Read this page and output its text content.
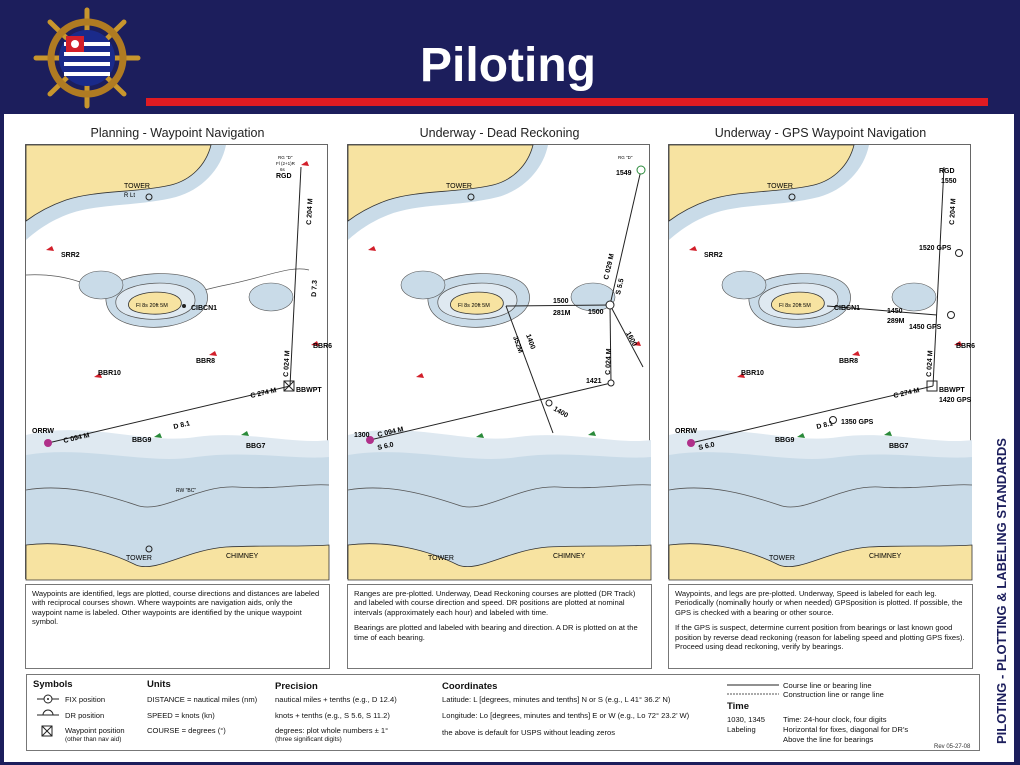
Piloting
Planning - Waypoint Navigation	Underway - Dead Reckoning	Underway - GPS Waypoint Navigation
TOWER
R Lt
Fl 8s 20ft 5M	CIBCN1
RG "D"
Fl (2+1)R
6s
RGD
SRR2
BBR6
BBR8
BBR10
BBWPT
ORRW
BBG9
BBG7
RW "BC"
TOWER	CHIMNEY
C 204 M
D 7.3
C 024 M
C 274 M
C 094 M
D 8.1
TOWER
Fl 8s 20ft 5M
RG "D"
1549
1500
281M 1500
1400
352M
1421
1400
1300
S 6.0
C 094 M
C 029 M
S 5.5
C 024 M
1600
CHIMNEY
TOWER
TOWER
Fl 8s 20ft 5M	CIBCN1
RGD
1550
1520 GPS
SRR2
1450
289M
1450 GPS
BBR6
BBR8
BBR10
BBWPT
1420 GPS
1350 GPS
ORRW
BBG9
BBG7
C 204 M
C 024 M
C 274 M
S 6.0
D 8.1
TOWER	CHIMNEY

Waypoints are identified, legs are plotted, course directions and distances are labeled with reciprocal courses shown. Where waypoints are navigation aids, only the waypoint name is labeled. Other waypoints are identified by the unique waypoint symbol.

Ranges are pre-plotted. Underway, Dead Reckoning courses are plotted (DR Track) and labeled with course direction and speed. DR positions are plotted at nominal intervals (approximately each hour) and labeled with time.

Bearings are plotted and labeled with bearing and direction. A DR is plotted on at the time of each bearing.

Waypoints, and legs are pre-plotted. Underway, Speed is labeled for each leg. Periodically (nominally hourly or when needed) GPSposition is plotted. If possible, the GPS is checked with a bearing or other source.

If the GPS is suspect, determine current position from bearings or last known good position by reverse dead reckoning (reason for labeling speed and plotting GPS fixes). Proceed using dead reckoning, verify by bearings.

Symbols
FIX position
DR position
Waypoint position
(other than nav aid)
Units
DISTANCE = nautical miles (nm)
SPEED = knots (kn)
COURSE = degrees (°)
Precision
nautical miles + tenths (e.g., D 12.4)
knots + tenths (e.g., S 5.6, S 11.2)
degrees: plot whole numbers ± 1°
(three significant digits)
Coordinates
Latitude: L [degrees, minutes and tenths] N or S (e.g., L 41° 36.2’ N)
Longitude: Lo [degrees, minutes and tenths] E or W (e.g., Lo 72° 23.2’ W)
the above is default for USPS without leading zeros
Course line or bearing line
Construction line or range line
Time
1030, 1345 Time: 24-hour clock, four digits
Labeling	Horizontal for fixes, diagonal for DR’s
Above the line for bearings	PILOTING - PLOTTING & LABELING STANDARDS
Rev 05-27-08
